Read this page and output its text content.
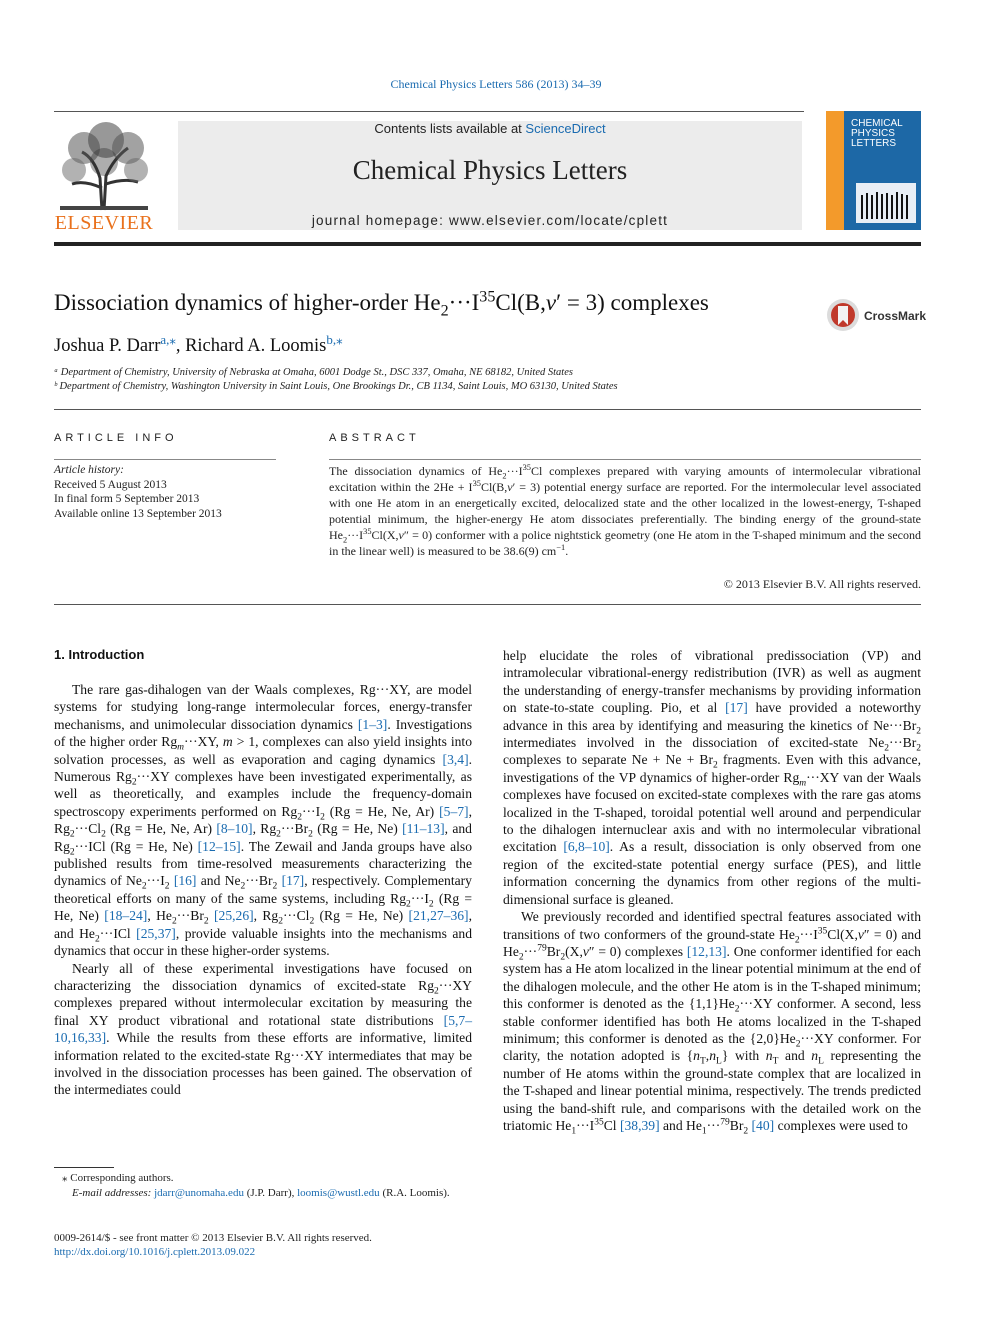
Chemical Physics Letters 586 (2013) 34–39
ELSEVIER
Contents lists available at ScienceDirect
Chemical Physics Letters
journal homepage: www.elsevier.com/locate/cplett
CHEMICAL
PHYSICS
LETTERS
Dissociation dynamics of higher-order $He_2\cdot\cdot\cdot I^{35}Cl(B,v' = 3)$ complexes
CrossMark
Joshua P. Darr$^{a,⁎}$, Richard A. Loomis$^{b,⁎}$
ᵃ Department of Chemistry, University of Nebraska at Omaha, 6001 Dodge St., DSC 337, Omaha, NE 68182, United States
ᵇ Department of Chemistry, Washington University in Saint Louis, One Brookings Dr., CB 1134, Saint Louis, MO 63130, United States
ARTICLE INFO	ABSTRACT
Article history:
Received 5 August 2013
In final form 5 September 2013
Available online 13 September 2013
The dissociation dynamics of $He_2\cdot\cdot\cdot I^{35}Cl$ complexes prepared with varying amounts of intermolecular vibrational excitation within the $2He + I^{35}Cl(B,v' = 3)$ potential energy surface are reported. For the intermolecular level associated with one He atom in an energetically excited, delocalized state and the other localized in the lowest-energy, T-shaped potential minimum, the higher-energy He atom dissociates preferentially. The binding energy of the ground-state $He_2\cdot\cdot\cdot I^{35}Cl(X,v'' = 0)$ conformer with a police nightstick geometry (one He atom in the T-shaped minimum and the second in the linear well) is measured to be 38.6(9) $cm^{-1}$.
© 2013 Elsevier B.V. All rights reserved.
1. Introduction

The rare gas-dihalogen van der Waals complexes, Rg···XY, are model systems for studying long-range intermolecular forces, energy-transfer mechanisms, and unimolecular dissociation dynamics [1–3]. Investigations of the higher order $Rg_m\cdot\cdot\cdot XY$, m > 1, complexes can also yield insights into solvation processes, as well as evaporation and caging dynamics [3,4]. Numerous $Rg_2\cdot\cdot\cdot XY$ complexes have been investigated experimentally, as well as theoretically, and examples include the frequency-domain spectroscopy experiments performed on $Rg_2\cdot\cdot\cdot I_2$ (Rg = He, Ne, Ar) [5–7], $Rg_2\cdot\cdot\cdot Cl_2$ (Rg = He, Ne, Ar) [8–10], $Rg_2\cdot\cdot\cdot Br_2$ (Rg = He, Ne) [11–13], and $Rg_2\cdot\cdot\cdot ICl$ (Rg = He, Ne) [12–15]. The Zewail and Janda groups have also published results from time-resolved measurements characterizing the dynamics of $Ne_2\cdot\cdot\cdot I_2$ [16] and $Ne_2\cdot\cdot\cdot Br_2$ [17], respectively. Complementary theoretical efforts on many of the same systems, including $Rg_2\cdot\cdot\cdot I_2$ (Rg = He, Ne) [18–24], $He_2\cdot\cdot\cdot Br_2$ [25,26], $Rg_2\cdot\cdot\cdot Cl_2$ (Rg = He, Ne) [21,27–36], and $He_2\cdot\cdot\cdot ICl$ [25,37], provide valuable insights into the mechanisms and dynamics that occur in these higher-order systems.

Nearly all of these experimental investigations have focused on characterizing the dissociation dynamics of excited-state $Rg_2\cdot\cdot\cdot XY$ complexes prepared without intermolecular excitation by measuring the final XY product vibrational and rotational state distributions [5,7–10,16,33]. While the results from these efforts are informative, limited information related to the excited-state Rg···XY intermediates that may be involved in the dissociation processes has been gained. The observation of the intermediates could

help elucidate the roles of vibrational predissociation (VP) and intramolecular vibrational-energy redistribution (IVR) as well as augment the understanding of energy-transfer mechanisms by providing information on state-to-state coupling. Pio, et al [17] have provided a noteworthy advance in this area by identifying and measuring the kinetics of $Ne\cdot\cdot\cdot Br_2$ intermediates involved in the dissociation of excited-state $Ne_2\cdot\cdot\cdot Br_2$ complexes to separate $Ne + Ne + Br_2$ fragments. Even with this advance, investigations of the VP dynamics of higher-order $Rg_m\cdot\cdot\cdot XY$ van der Waals complexes have focused on excited-state complexes with the rare gas atoms localized in the T-shaped, toroidal potential well around and perpendicular to the dihalogen internuclear axis and with no intermolecular vibrational excitation [6,8–10]. As a result, dissociation is only observed from one region of the excited-state potential energy surface (PES), and little information concerning the dynamics from other regions of the multi-dimensional surface is gleaned.

We previously recorded and identified spectral features associated with transitions of two conformers of the ground-state $He_2\cdot\cdot\cdot I^{35}Cl(X,v'' = 0)$ and $He_2\cdot\cdot\cdot^{79}Br_2(X,v'' = 0)$ complexes [12,13]. One conformer identified for each system has a He atom localized in the linear potential minimum at the end of the dihalogen molecule, and the other He atom is in the T-shaped minimum; this conformer is denoted as the $\{1,1\}He_2\cdot\cdot\cdot XY$ conformer. A second, less stable conformer identified has both He atoms localized in the T-shaped minimum; this conformer is denoted as the $\{2,0\}He_2\cdot\cdot\cdot XY$ conformer. For clarity, the notation adopted is $\{n_T,n_L\}$ with $n_T$ and $n_L$ representing the number of He atoms within the ground-state complex that are localized in the T-shaped and linear potential minima, respectively. The trends predicted using the band-shift rule, and comparisons with the detailed work on the triatomic $He_1\cdot\cdot\cdot I^{35}Cl$ [38,39] and $He_1\cdot\cdot\cdot^{79}Br_2$ [40] complexes were used to

⁎ Corresponding authors.
E-mail addresses: jdarr@unomaha.edu (J.P. Darr), loomis@wustl.edu (R.A. Loomis).
0009-2614/$ - see front matter © 2013 Elsevier B.V. All rights reserved.
http://dx.doi.org/10.1016/j.cplett.2013.09.022
